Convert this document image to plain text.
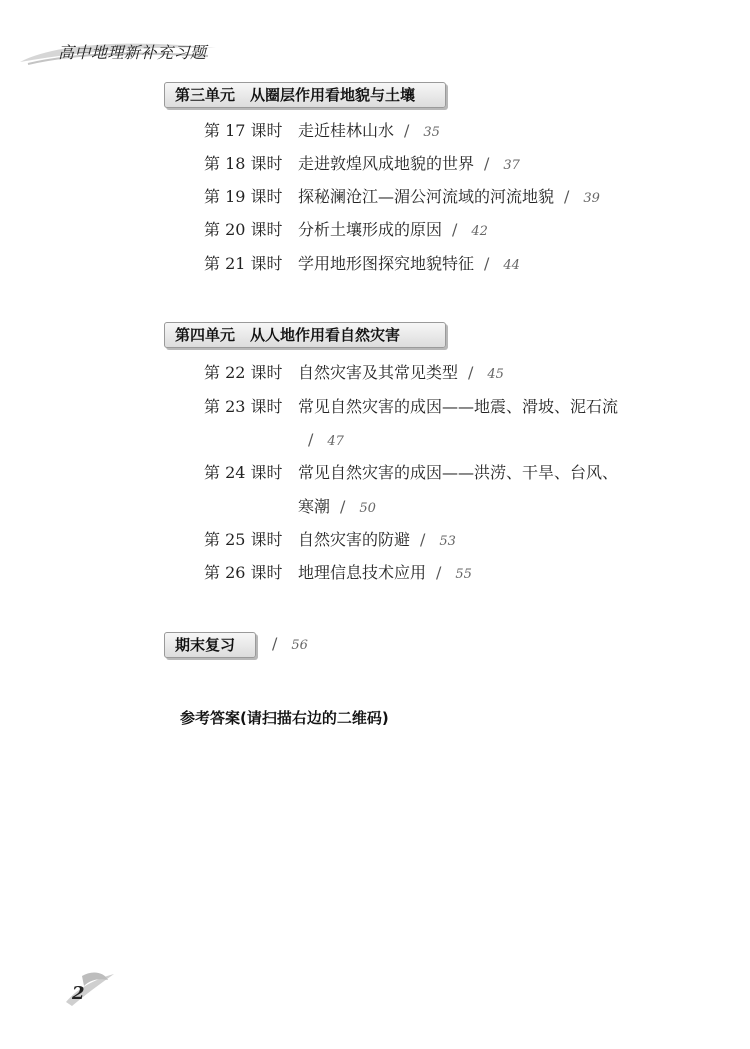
高中地理新补充习题
第三单元　从圈层作用看地貌与土壤
第 17 课时 走近桂林山水 / 35
第 18 课时 走进敦煌风成地貌的世界 / 37
第 19 课时 探秘澜沧江—湄公河流域的河流地貌 / 39
第 20 课时 分析土壤形成的原因 / 42
第 21 课时 学用地形图探究地貌特征 / 44
第四单元　从人地作用看自然灾害
第 22 课时 自然灾害及其常见类型 / 45
第 23 课时 常见自然灾害的成因——地震、滑坡、泥石流
/ 47
第 24 课时 常见自然灾害的成因——洪涝、干旱、台风、
寒潮 / 50
第 25 课时 自然灾害的防避 / 53
第 26 课时 地理信息技术应用 / 55
期末复习	/ 56
参考答案(请扫描右边的二维码)
2
